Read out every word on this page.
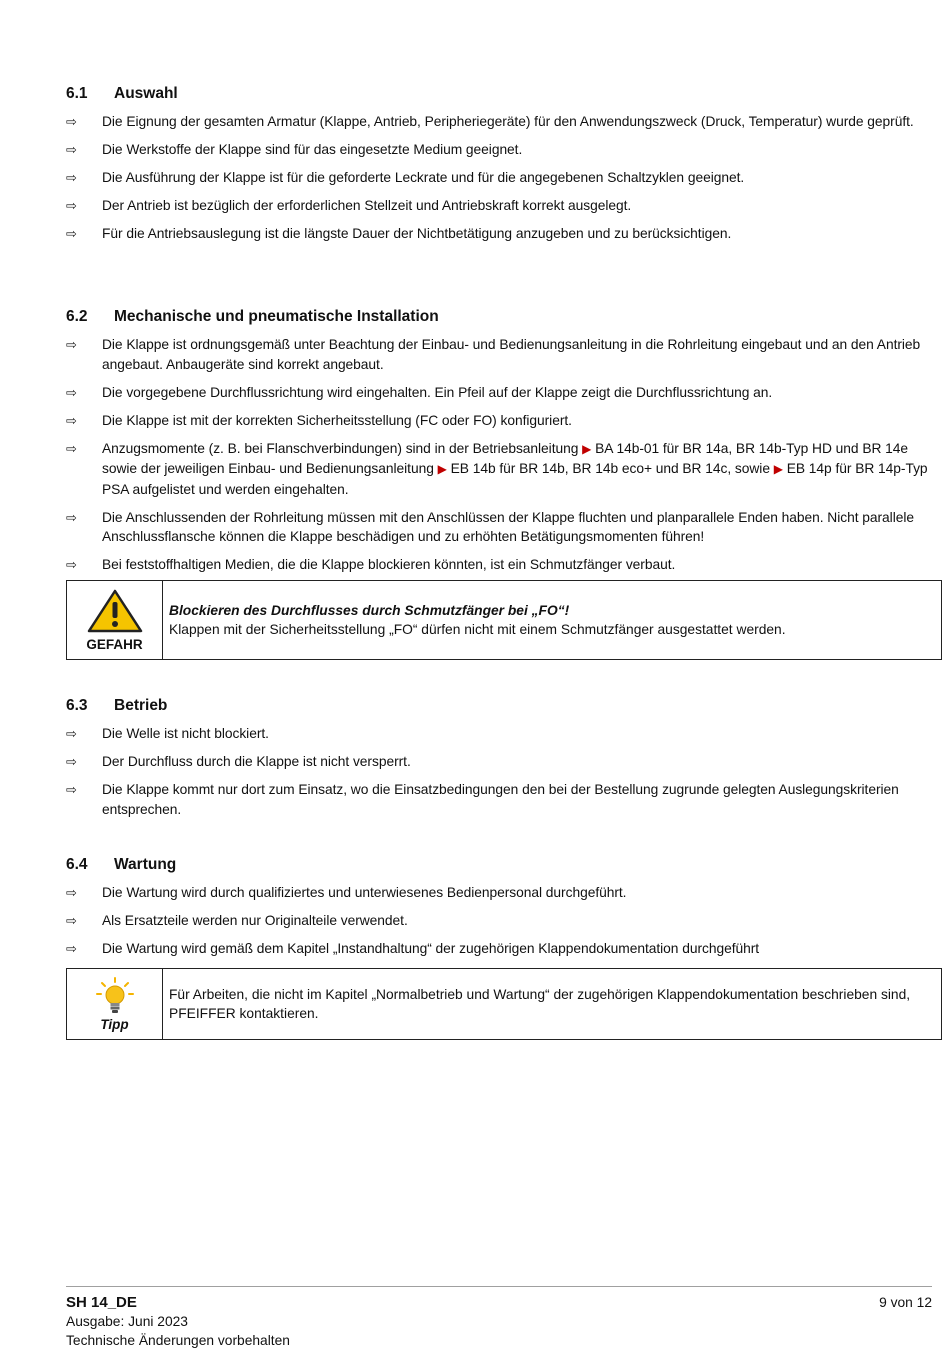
6.1	Auswahl
⇨	Die Eignung der gesamten Armatur (Klappe, Antrieb, Peripheriegeräte) für den Anwendungszweck (Druck, Temperatur) wurde geprüft.
⇨	Die Werkstoffe der Klappe sind für das eingesetzte Medium geeignet.
⇨	Die Ausführung der Klappe ist für die geforderte Leckrate und für die angegebenen Schaltzyklen geeignet.
⇨	Der Antrieb ist bezüglich der erforderlichen Stellzeit und Antriebskraft korrekt ausgelegt.
⇨	Für die Antriebsauslegung ist die längste Dauer der Nichtbetätigung anzugeben und zu berücksichtigen.
6.2	Mechanische und pneumatische Installation
⇨	Die Klappe ist ordnungsgemäß unter Beachtung der Einbau- und Bedienungsanleitung in die Rohrleitung eingebaut und an den Antrieb angebaut. Anbaugeräte sind korrekt angebaut.
⇨	Die vorgegebene Durchflussrichtung wird eingehalten. Ein Pfeil auf der Klappe zeigt die Durchflussrichtung an.
⇨	Die Klappe ist mit der korrekten Sicherheitsstellung (FC oder FO) konfiguriert.
⇨	Anzugsmomente (z. B. bei Flanschverbindungen) sind in der Betriebsanleitung ▶ BA 14b-01 für BR 14a, BR 14b-Typ HD und BR 14e sowie der jeweiligen Einbau- und Bedienungsanleitung ▶ EB 14b für BR 14b, BR 14b eco+ und BR 14c, sowie ▶ EB 14p für BR 14p-Typ PSA aufgelistet und werden eingehalten.
⇨	Die Anschlussenden der Rohrleitung müssen mit den Anschlüssen der Klappe fluchten und planparallele Enden haben. Nicht parallele Anschlussflansche können die Klappe beschädigen und zu erhöhten Betätigungsmomenten führen!
⇨	Bei feststoffhaltigen Medien, die die Klappe blockieren könnten, ist ein Schmutzfänger verbaut.
GEFAHR
Blockieren des Durchflusses durch Schmutzfänger bei „FO“!
Klappen mit der Sicherheitsstellung „FO“ dürfen nicht mit einem Schmutzfänger ausgestattet werden.
6.3	Betrieb
⇨	Die Welle ist nicht blockiert.
⇨	Der Durchfluss durch die Klappe ist nicht versperrt.
⇨	Die Klappe kommt nur dort zum Einsatz, wo die Einsatzbedingungen den bei der Bestellung zugrunde gelegten Auslegungskriterien entsprechen.
6.4	Wartung
⇨	Die Wartung wird durch qualifiziertes und unterwiesenes Bedienpersonal durchgeführt.
⇨	Als Ersatzteile werden nur Originalteile verwendet.
⇨	Die Wartung wird gemäß dem Kapitel „Instandhaltung“ der zugehörigen Klappendokumentation durchgeführt
Tipp
Für Arbeiten, die nicht im Kapitel „Normalbetrieb und Wartung“ der zugehörigen Klappendokumentation beschrieben sind, PFEIFFER kontaktieren.
SH 14_DE
Ausgabe: Juni 2023
Technische Änderungen vorbehalten
9 von 12
